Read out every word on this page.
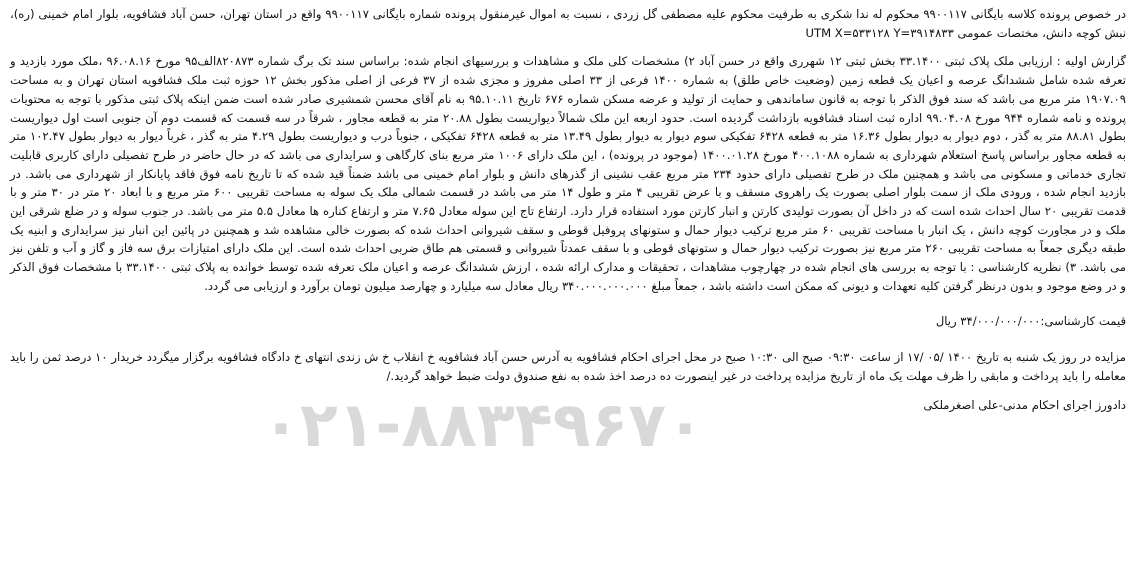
۰۲۱-۸۸۳۴۹۶۷۰

در خصوص پرونده کلاسه بایگانی ۹۹۰۰۱۱۷ محکوم له ندا شکری به طرفیت محکوم علیه مصطفی گل زردی ، نسبت به اموال غیرمنقول پرونده شماره بایگانی ۹۹۰۰۱۱۷ واقع در استان تهران، حسن آباد فشافویه، بلوار امام خمینی (ره)، نبش کوچه دانش، مختصات عمومی UTM X=۵۳۳۱۲۸ Y=۳۹۱۴۸۳۳

گزارش اولیه : ارزیابی ملک پلاک ثبتی ۳۳.۱۴۰۰ بخش ثبتی ۱۲ شهرری واقع در حسن آباد ۲) مشخصات کلی ملک و مشاهدات و بررسیهای انجام شده: براساس سند تک برگ شماره ۸۲۰۸۷۳الف۹۵ مورخ ۹۶.۰۸.۱۶ ،ملک مورد بازدید و تعرفه شده شامل ششدانگ عرصه و اعیان یک قطعه زمین (وضعیت خاص طلق) به شماره ۱۴۰۰ فرعی از ۳۳ اصلی مفروز و مجزی شده از ۳۷ فرعی از اصلی مذکور بخش ۱۲ حوزه ثبت ملک فشافویه استان تهران و به مساحت ۱۹۰۷.۰۹ متر مربع می باشد که سند فوق الذکر با توجه به قانون ساماندهی و حمایت از تولید و عرضه مسکن شماره ۶۷۶ تاریخ ۹۵.۱۰.۱۱ به نام آقای محسن شمشیری صادر شده است ضمن اینکه پلاک ثبتی مذکور با توجه به محتویات پرونده و نامه شماره ۹۴۴ مورخ ۹۹.۰۴.۰۸ اداره ثبت اسناد فشافویه بازداشت گردیده است. حدود اربعه این ملک شمالاً دیواریست بطول ۲۰.۸۸ متر به قطعه مجاور ، شرقاً در سه قسمت که قسمت دوم آن جنوبی است اول دیواریست بطول ۸۸.۸۱ متر به گذر ، دوم دیوار به دیوار بطول ۱۶.۳۶ متر به قطعه ۶۴۲۸ تفکیکی سوم دیوار به دیوار بطول ۱۳.۴۹ متر به قطعه ۶۴۲۸ تفکیکی ، جنوباً درب و دیواریست بطول ۴.۲۹ متر به گذر ، غرباً دیوار به دیوار بطول ۱۰۲.۴۷ متر به قطعه مجاور براساس پاسخ استعلام شهرداری به شماره ۴۰۰.۱۰۸۸ مورخ ۱۴۰۰.۰۱.۲۸ (موجود در پرونده) ، این ملک دارای ۱۰۰۶ متر مربع بنای کارگاهی و سرایداری می باشد که در حال حاضر در طرح تفصیلی دارای کاربری قابلیت تجاری خدماتی و مسکونی می باشد و همچنین ملک در طرح تفصیلی دارای حدود ۲۳۴ متر مربع عقب نشینی از گذرهای دانش و بلوار امام خمینی می باشد ضمناً قید شده که تا تاریخ نامه فوق فاقد پایانکار از شهرداری می باشد. در بازدید انجام شده ، ورودی ملک از سمت بلوار اصلی بصورت یک راهروی مسقف و با عرض تقریبی ۴ متر و طول ۱۴ متر می باشد در قسمت شمالی ملک یک سوله به مساحت تقریبی ۶۰۰ متر مربع و با ابعاد ۲۰ متر در ۳۰ متر و با قدمت تقریبی ۲۰ سال احداث شده است که در داخل آن بصورت تولیدی کارتن و انبار کارتن مورد استفاده قرار دارد. ارتفاع تاج این سوله معادل ۷.۶۵ متر و ارتفاع کناره ها معادل ۵.۵ متر می باشد. در جنوب سوله و در ضلع شرقی این ملک و در مجاورت کوچه دانش ، یک انبار با مساحت تقریبی ۶۰ متر مربع ترکیب دیوار حمال و ستونهای پروفیل قوطی و سقف شیروانی احداث شده که بصورت خالی مشاهده شد و همچنین در پائین این انبار نیز سرایداری و ابنیه یک طبقه دیگری جمعاً به مساحت تقریبی ۲۶۰ متر مربع نیز بصورت ترکیب دیوار حمال و ستونهای قوطی و با سقف عمدتاً شیروانی و قسمتی هم طاق ضربی احداث شده است. این ملک دارای امتیازات برق سه فاز و گاز و آب و تلفن نیز می باشد. ۳) نظریه کارشناسی : با توجه به بررسی های انجام شده در چهارچوب مشاهدات ، تحقیقات و مدارک ارائه شده ، ارزش ششدانگ عرصه و اعیان ملک تعرفه شده توسط خوانده به پلاک ثبتی ۳۳.۱۴۰۰ با مشخصات فوق الذکر و در وضع موجود و بدون درنظر گرفتن کلیه تعهدات و دیونی که ممکن است داشته باشد ، جمعاً مبلغ ۳۴۰.۰۰۰.۰۰۰.۰۰۰ ریال معادل سه میلیارد و چهارصد میلیون تومان برآورد و ارزیابی می گردد.

قیمت کارشناسی:۳۴/۰۰۰/۰۰۰/۰۰۰ ریال

مزایده در روز یک شنبه به تاریخ ۱۴۰۰ /۰۵ /۱۷ از ساعت ۰۹:۳۰ صبح الی ۱۰:۳۰ صبح در محل اجرای احکام فشافویه به آدرس حسن آباد فشافویه خ انقلاب خ ش زندی انتهای خ دادگاه فشافویه برگزار میگردد خریدار ۱۰ درصد ثمن را باید معامله را باید پرداخت و مابقی را ظرف مهلت یک ماه از تاریخ مزایده پرداخت در غیر اینصورت ده درصد اخذ شده به نفع صندوق دولت ضبط خواهد گردید./

دادورز اجرای احکام مدنی-علی اصغرملکی
